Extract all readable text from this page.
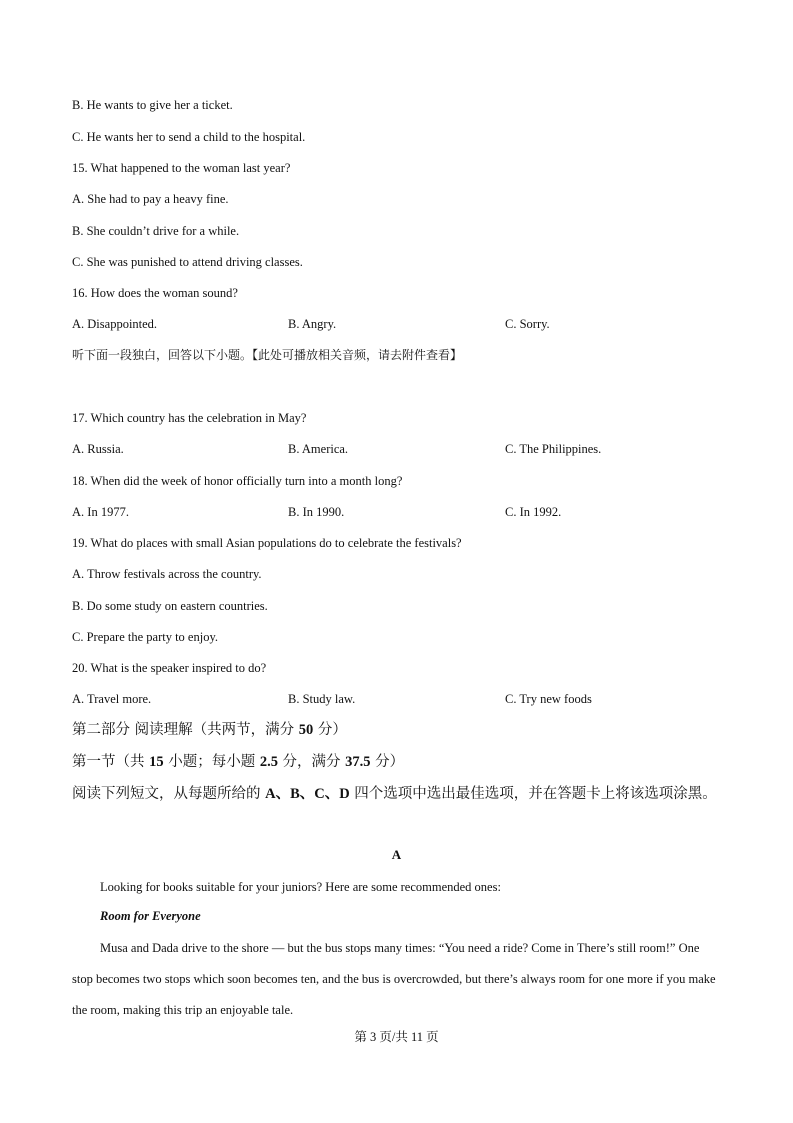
B. He wants to give her a ticket.
C. He wants her to send a child to the hospital.
15. What happened to the woman last year?
A. She had to pay a heavy fine.
B. She couldn’t drive for a while.
C. She was punished to attend driving classes.
16. How does the woman sound?
A. Disappointed.	B. Angry.	C. Sorry.
听下面一段独白，回答以下小题。【此处可播放相关音频，请去附件查看】
17. Which country has the celebration in May?
A. Russia.	B. America.	C. The Philippines.
18. When did the week of honor officially turn into a month long?
A. In 1977.	B. In 1990.	C. In 1992.
19. What do places with small Asian populations do to celebrate the festivals?
A. Throw festivals across the country.
B. Do some study on eastern countries.
C. Prepare the party to enjoy.
20. What is the speaker inspired to do?
A. Travel more.	B. Study law.	C. Try new foods
第二部分 阅读理解（共两节，满分 50 分）
第一节（共 15 小题；每小题 2.5 分，满分 37.5 分）
阅读下列短文，从每题所给的 A、B、C、D 四个选项中选出最佳选项，并在答题卡上将该选项涂黑。
A
Looking for books suitable for your juniors? Here are some recommended ones:
Room for Everyone
Musa and Dada drive to the shore — but the bus stops many times: “You need a ride? Come in There’s still room!” One stop becomes two stops which soon becomes ten, and the bus is overcrowded, but there’s always room for one more if you make the room, making this trip an enjoyable tale.
第 3 页/共 11 页
